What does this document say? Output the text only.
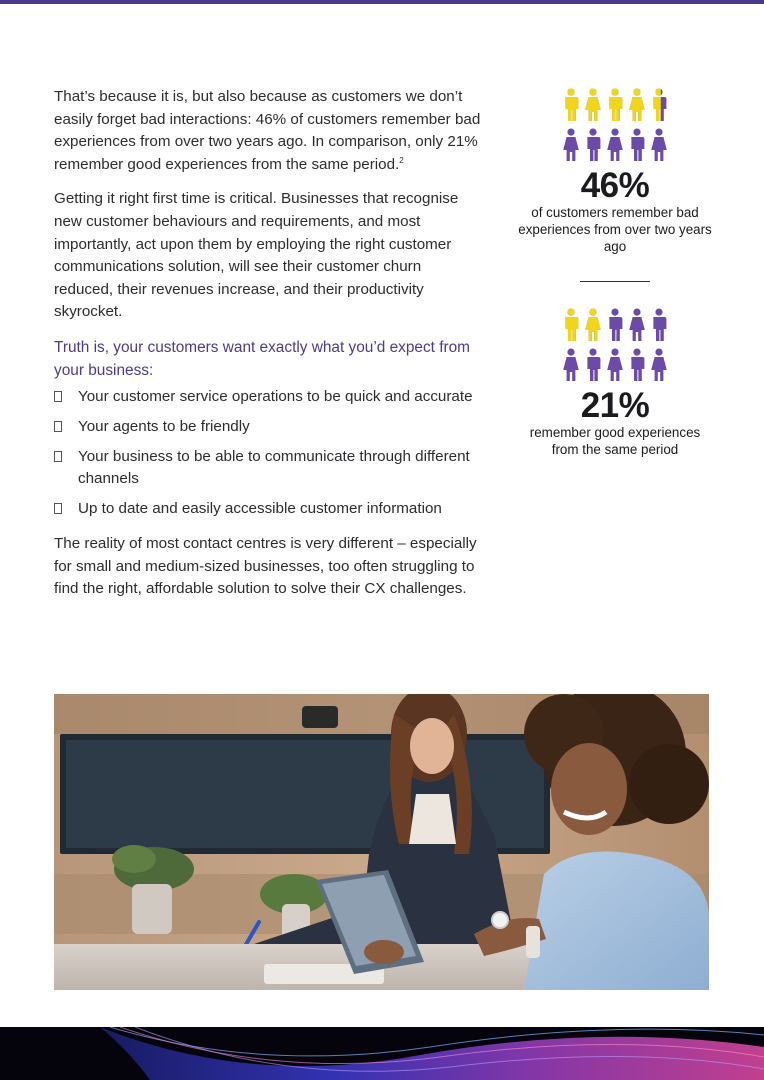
That’s because it is, but also because as customers we don’t easily forget bad interactions: 46% of customers remember bad experiences from over two years ago. In comparison, only 21% remember good experiences from the same period.$^2$

Getting it right first time is critical. Businesses that recognise new customer behaviours and requirements, and most importantly, act upon them by employing the right customer communications solution, will see their customer churn reduced, their revenues increase, and their productivity skyrocket.

Truth is, your customers want exactly what you’d expect from your business:

Your customer service operations to be quick and accurate
Your agents to be friendly
Your business to be able to communicate through different channels
Up to date and easily accessible customer information

The reality of most contact centres is very different – especially for small and medium-sized businesses, too often struggling to find the right, affordable solution to solve their CX challenges.

46%
of customers remember bad experiences from over two years ago
21%
remember good experiences from the same period
